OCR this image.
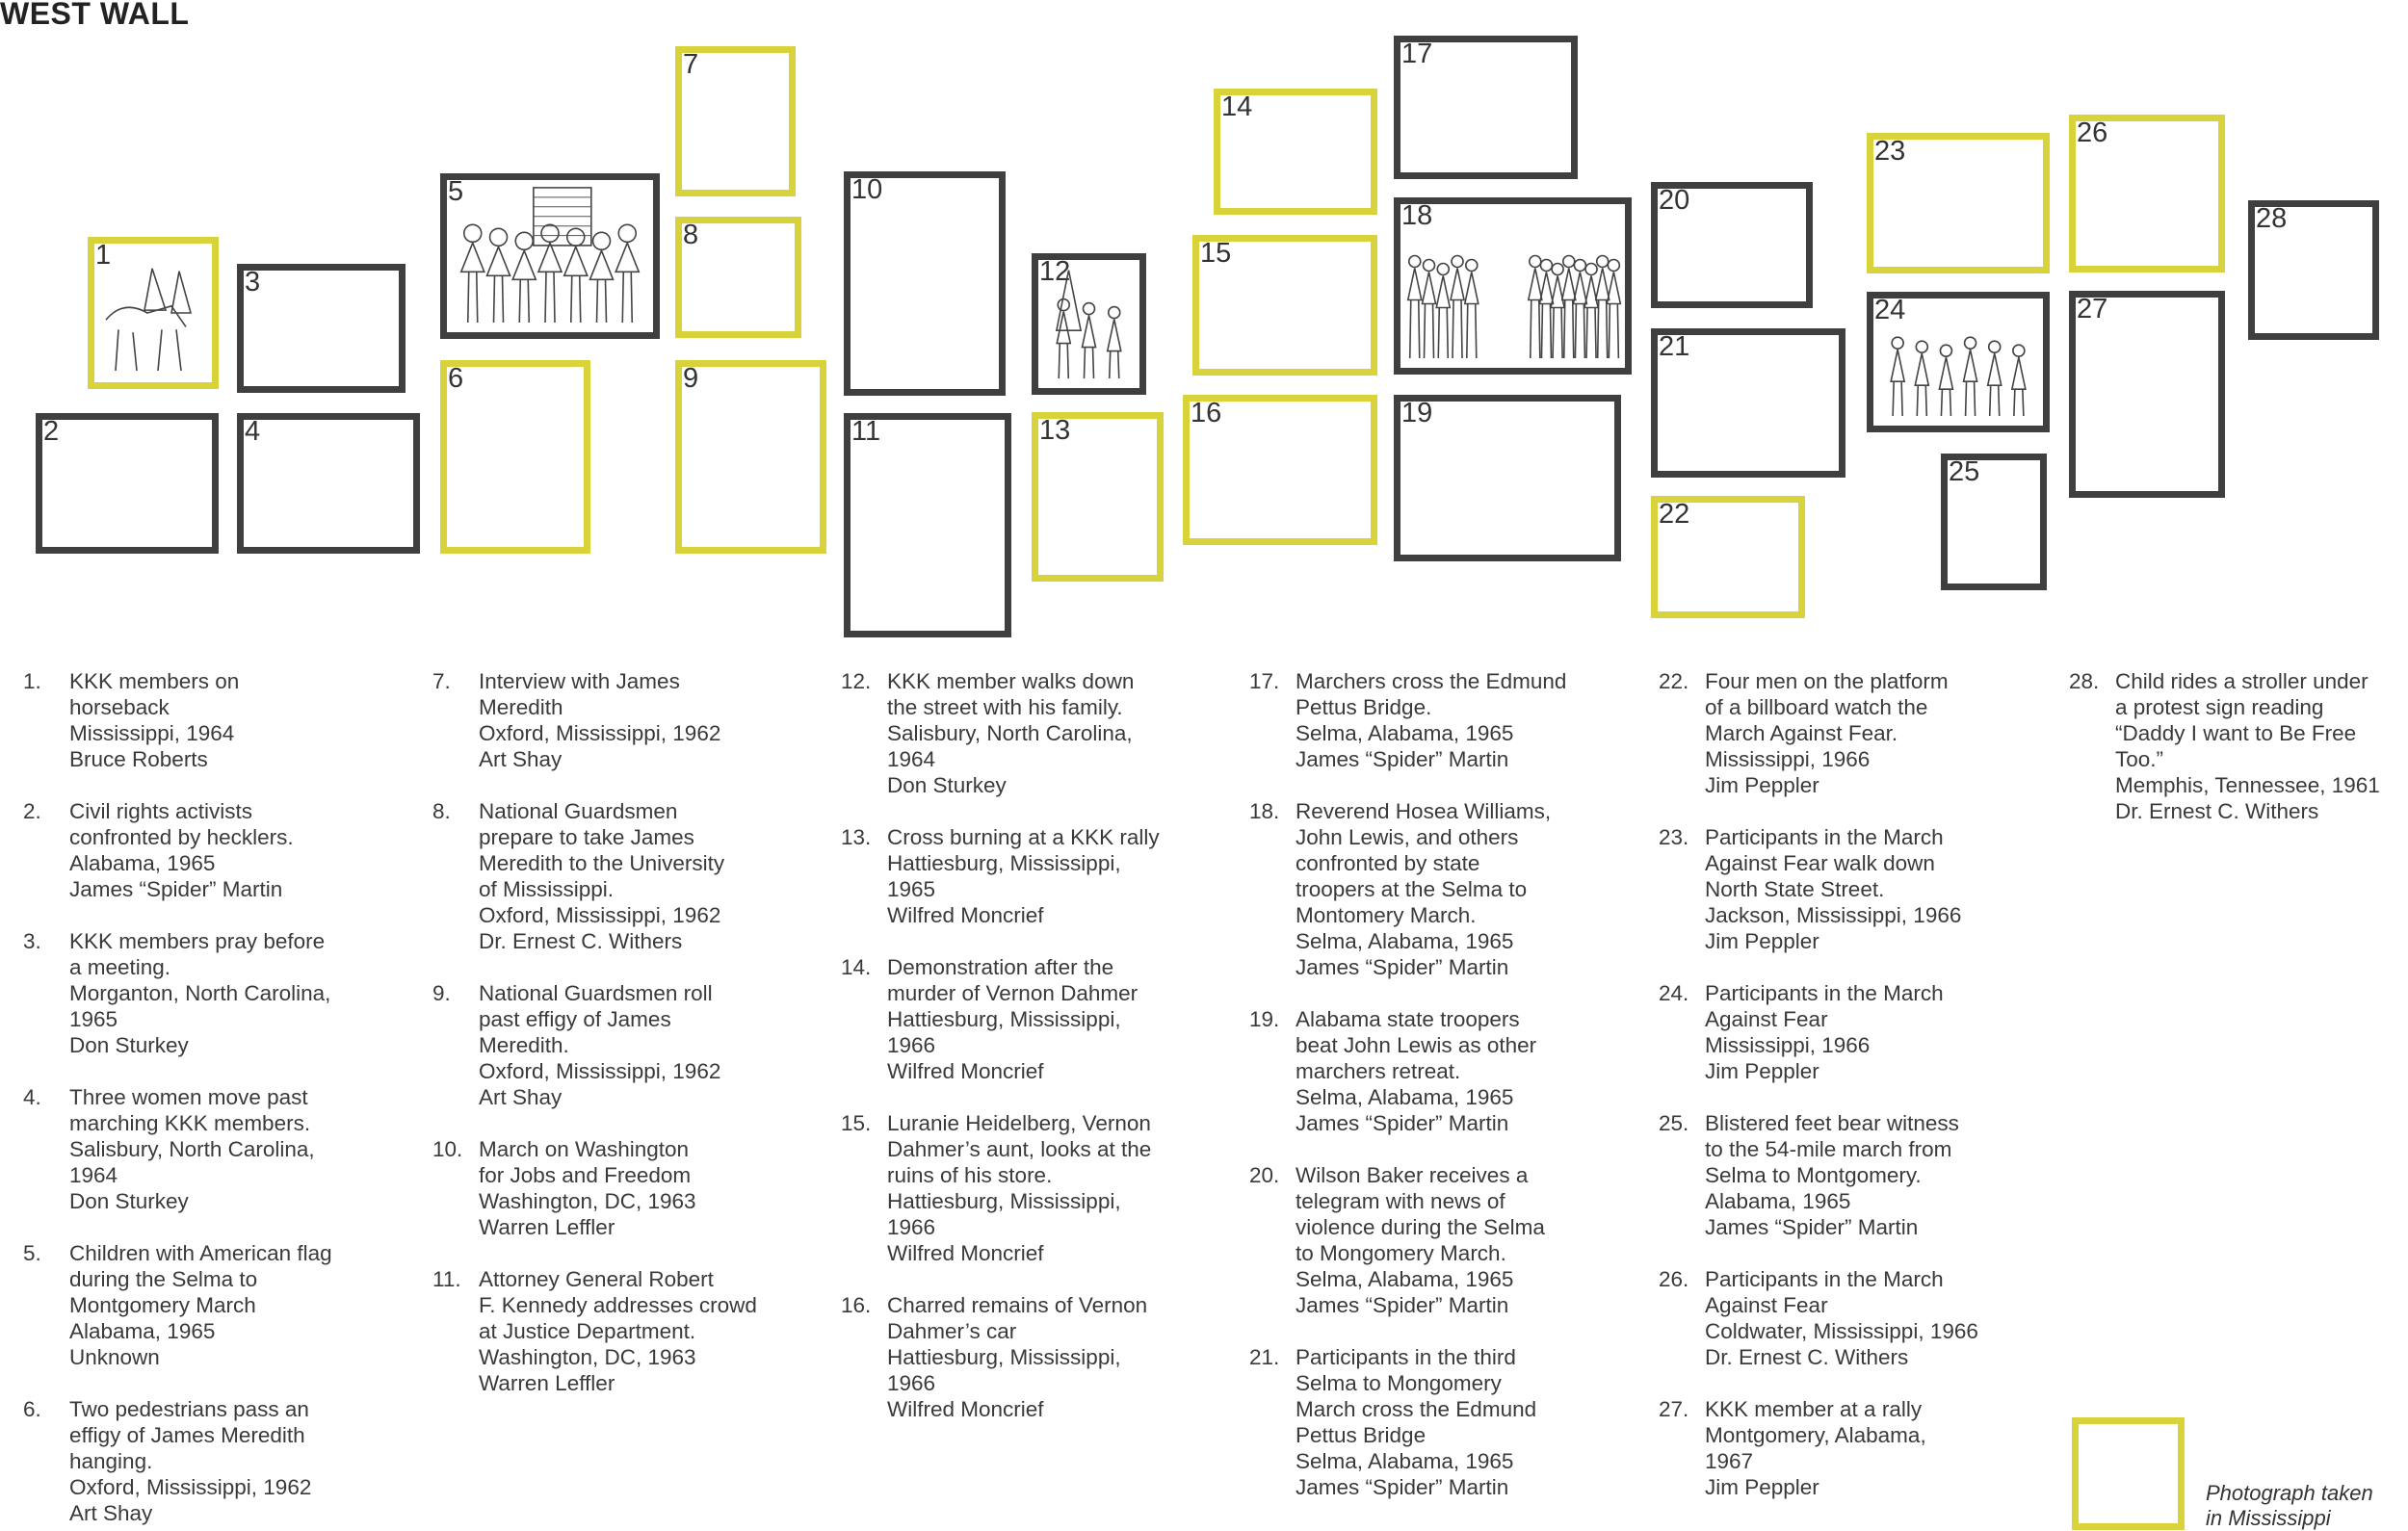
WEST WALL
1
2
3
4
5
6
7
8
9
10
11
12
13
14
15
16
17
18
19
20
21
22
23
24
25
26
27
28
1. KKK members on
horseback
Mississippi, 1964
Bruce Roberts
2. Civil rights activists
confronted by hecklers.
Alabama, 1965
James “Spider” Martin
3. KKK members pray before
a meeting.
Morganton, North Carolina,
1965
Don Sturkey
4. Three women move past
marching KKK members.
Salisbury, North Carolina,
1964
Don Sturkey
5. Children with American flag
during the Selma to
Montgomery March
Alabama, 1965
Unknown
6. Two pedestrians pass an
effigy of James Meredith
hanging.
Oxford, Mississippi, 1962
Art Shay
7. Interview with James
Meredith
Oxford, Mississippi, 1962
Art Shay
8. National Guardsmen
prepare to take James
Meredith to the University
of Mississippi.
Oxford, Mississippi, 1962
Dr. Ernest C. Withers
9. National Guardsmen roll
past effigy of James
Meredith.
Oxford, Mississippi, 1962
Art Shay
10. March on Washington
for Jobs and Freedom
Washington, DC, 1963
Warren Leffler
11. Attorney General Robert
F. Kennedy addresses crowd
at Justice Department.
Washington, DC, 1963
Warren Leffler
12. KKK member walks down
the street with his family.
Salisbury, North Carolina,
1964
Don Sturkey
13. Cross burning at a KKK rally
Hattiesburg, Mississippi,
1965
Wilfred Moncrief
14. Demonstration after the
murder of Vernon Dahmer
Hattiesburg, Mississippi,
1966
Wilfred Moncrief
15. Luranie Heidelberg, Vernon
Dahmer’s aunt, looks at the
ruins of his store.
Hattiesburg, Mississippi,
1966
Wilfred Moncrief
16. Charred remains of Vernon
Dahmer’s car
Hattiesburg, Mississippi,
1966
Wilfred Moncrief
17. Marchers cross the Edmund
Pettus Bridge.
Selma, Alabama, 1965
James “Spider” Martin
18. Reverend Hosea Williams,
John Lewis, and others
confronted by state
troopers at the Selma to
Montomery March.
Selma, Alabama, 1965
James “Spider” Martin
19. Alabama state troopers
beat John Lewis as other
marchers retreat.
Selma, Alabama, 1965
James “Spider” Martin
20. Wilson Baker receives a
telegram with news of
violence during the Selma
to Mongomery March.
Selma, Alabama, 1965
James “Spider” Martin
21. Participants in the third
Selma to Mongomery
March cross the Edmund
Pettus Bridge
Selma, Alabama, 1965
James “Spider” Martin
22. Four men on the platform
of a billboard watch the
March Against Fear.
Mississippi, 1966
Jim Peppler
23. Participants in the March
Against Fear walk down
North State Street.
Jackson, Mississippi, 1966
Jim Peppler
24. Participants in the March
Against Fear
Mississippi, 1966
Jim Peppler
25. Blistered feet bear witness
to the 54-mile march from
Selma to Montgomery.
Alabama, 1965
James “Spider” Martin
26. Participants in the March
Against Fear
Coldwater, Mississippi, 1966
Dr. Ernest C. Withers
27. KKK member at a rally
Montgomery, Alabama,
1967
Jim Peppler
28. Child rides a stroller under
a protest sign reading
“Daddy I want to Be Free
Too.”
Memphis, Tennessee, 1961
Dr. Ernest C. Withers
Photograph taken
in Mississippi
